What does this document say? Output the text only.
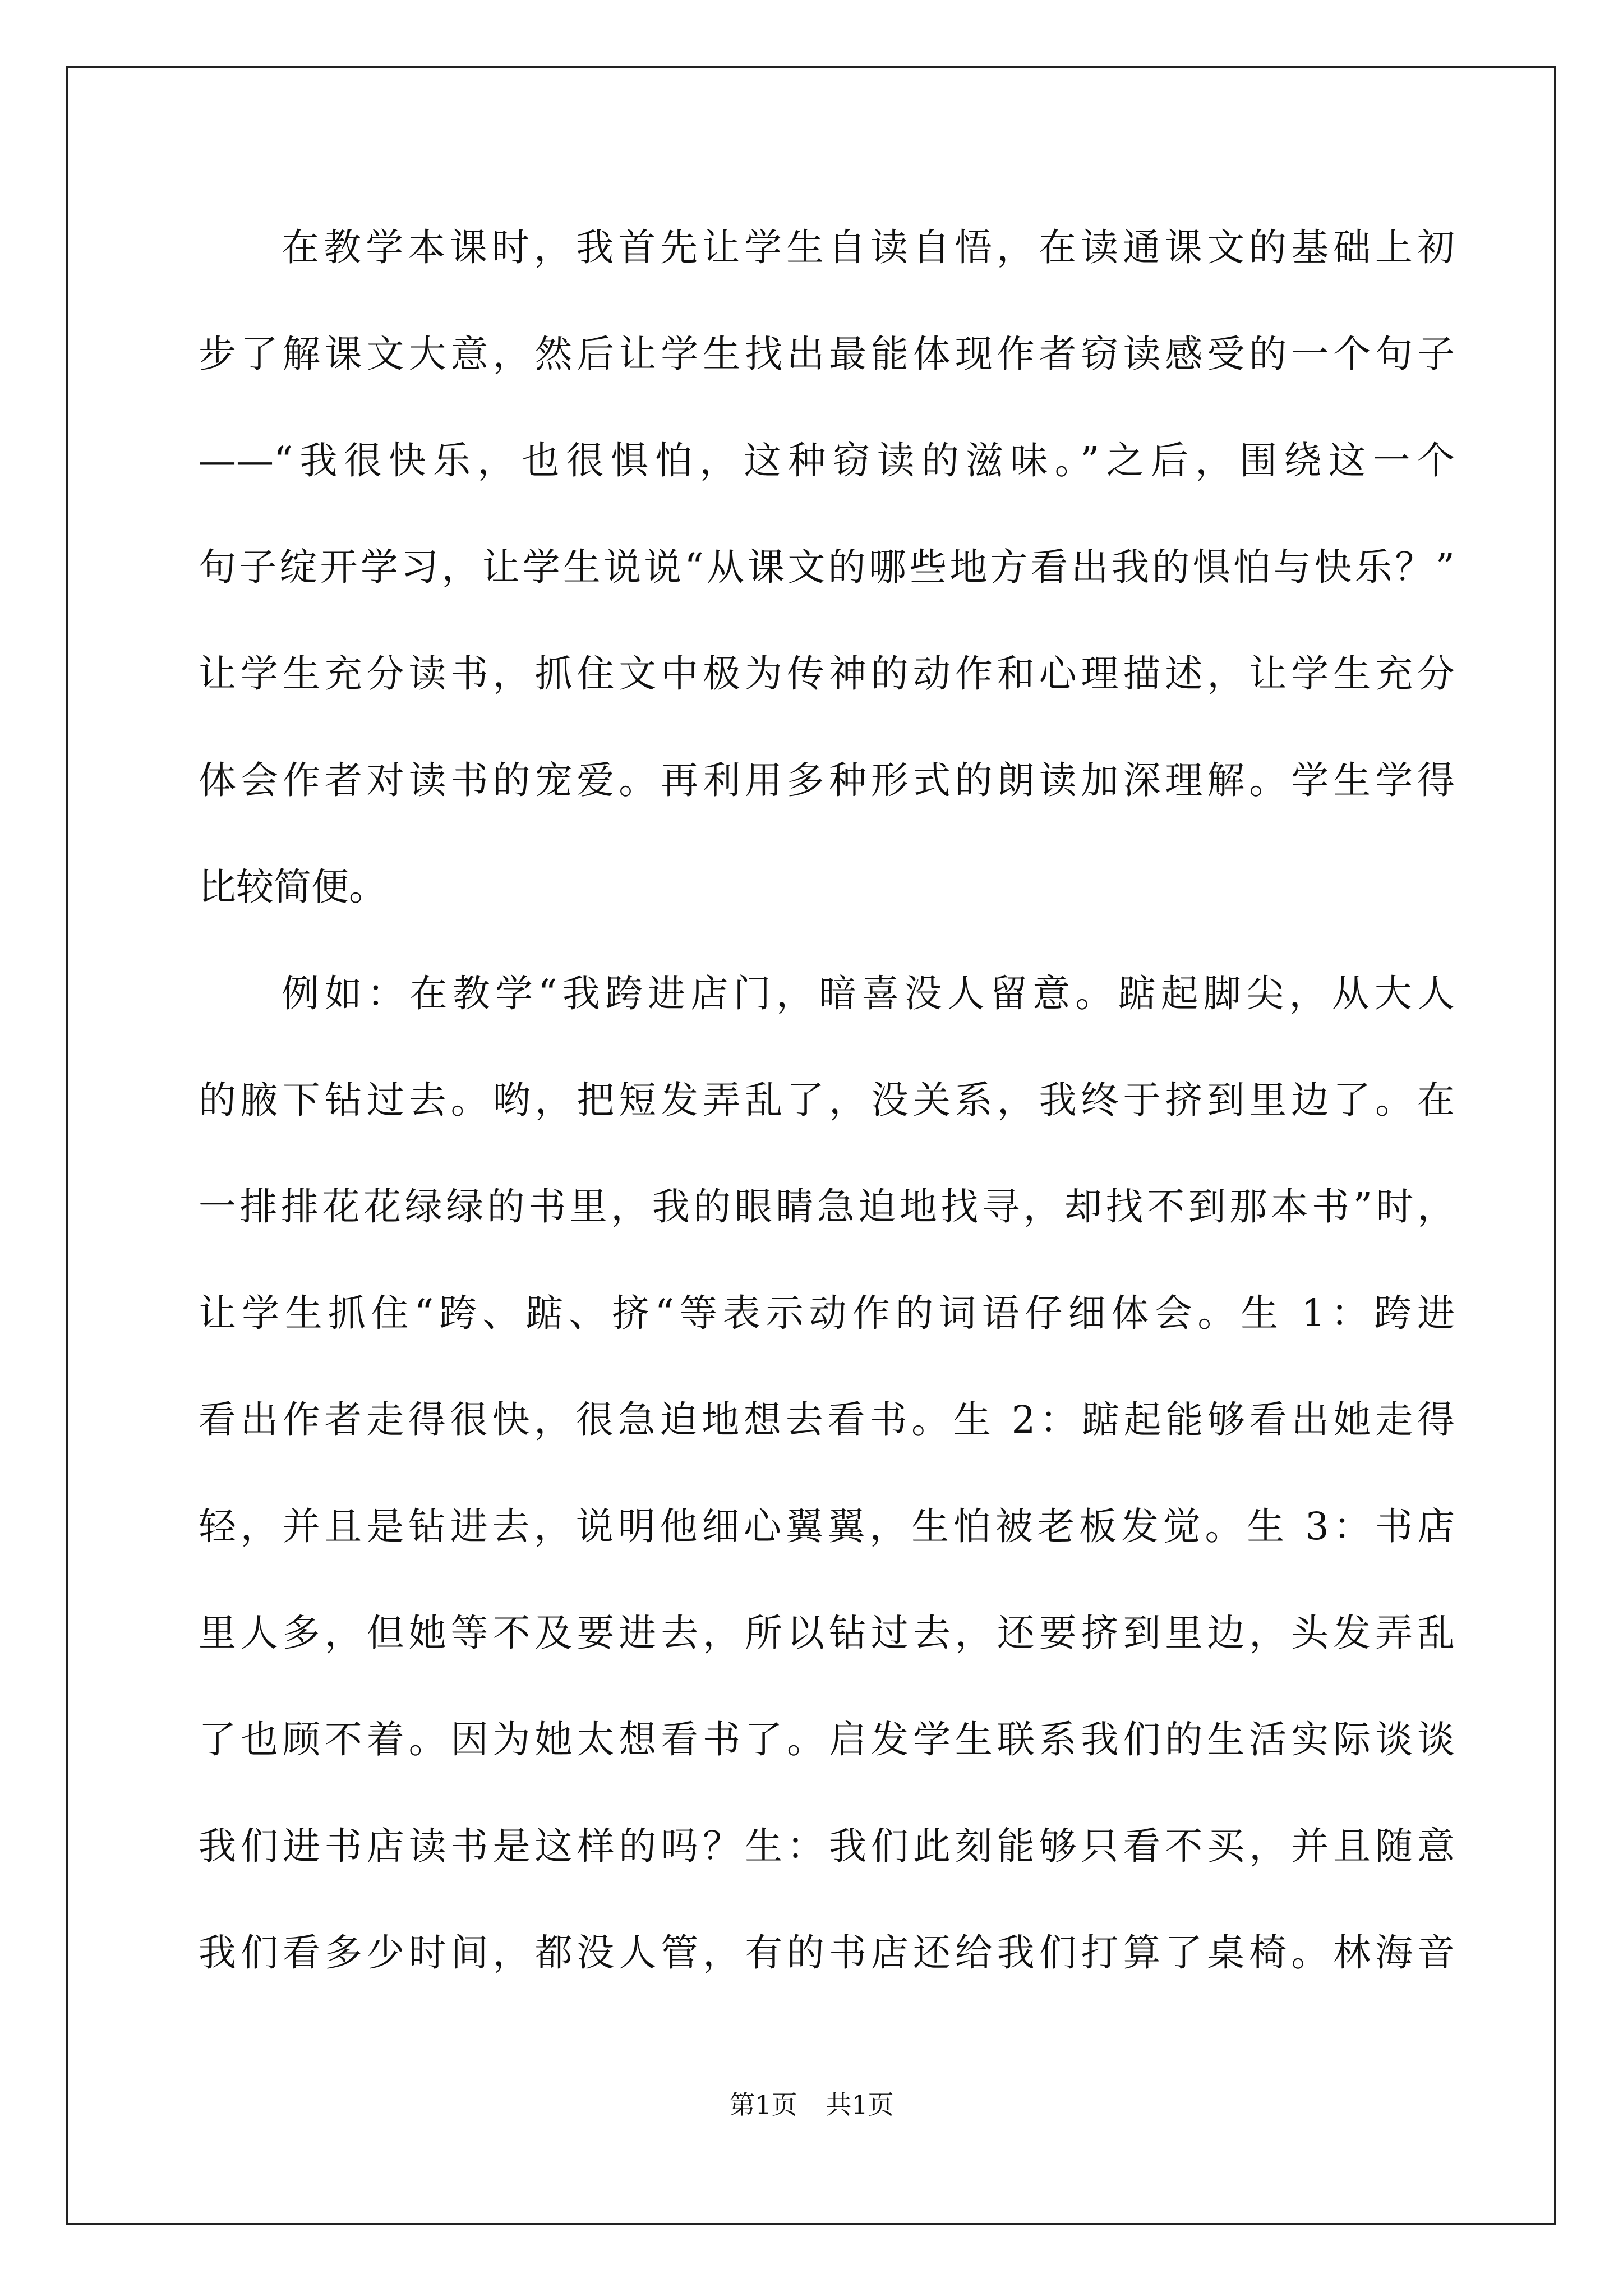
在教学本课时，我首先让学生自读自悟，在读通课文的基础上初
步了解课文大意，然后让学生找出最能体现作者窃读感受的一个句子
——“我很快乐，也很惧怕，这种窃读的滋味。”之后，围绕这一个
句子绽开学习，让学生说说“从课文的哪些地方看出我的惧怕与快乐？”
让学生充分读书，抓住文中极为传神的动作和心理描述，让学生充分
体会作者对读书的宠爱。再利用多种形式的朗读加深理解。学生学得
比较简便。
例如：在教学“我跨进店门，暗喜没人留意。踮起脚尖，从大人
的腋下钻过去。哟，把短发弄乱了，没关系，我终于挤到里边了。在
一排排花花绿绿的书里，我的眼睛急迫地找寻，却找不到那本书”时，
让学生抓住“跨、踮、挤“等表示动作的词语仔细体会。生 1：跨进
看出作者走得很快，很急迫地想去看书。生 2：踮起能够看出她走得
轻，并且是钻进去，说明他细心翼翼，生怕被老板发觉。生 3：书店
里人多，但她等不及要进去，所以钻过去，还要挤到里边，头发弄乱
了也顾不着。因为她太想看书了。启发学生联系我们的生活实际谈谈
我们进书店读书是这样的吗？生：我们此刻能够只看不买，并且随意
我们看多少时间，都没人管，有的书店还给我们打算了桌椅。林海音
第1页 共1页
